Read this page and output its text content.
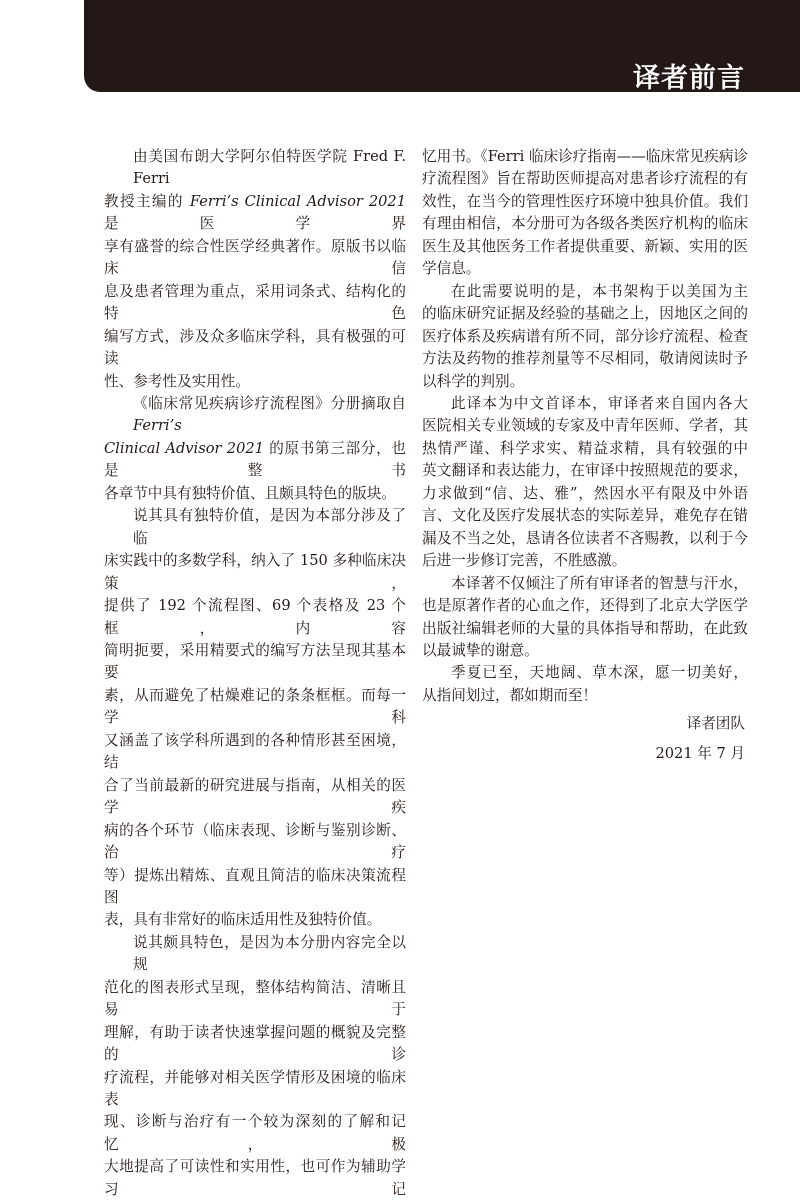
译者前言
由美国布朗大学阿尔伯特医学院 Fred F. Ferri
教授主编的 Ferri’s Clinical Advisor 2021 是医学界
享有盛誉的综合性医学经典著作。原版书以临床信
息及患者管理为重点，采用词条式、结构化的特色
编写方式，涉及众多临床学科，具有极强的可读
性、参考性及实用性。
《临床常见疾病诊疗流程图》分册摘取自 Ferri’s
Clinical Advisor 2021 的原书第三部分，也是整书
各章节中具有独特价值、且颇具特色的版块。
说其具有独特价值，是因为本部分涉及了临
床实践中的多数学科，纳入了 150 多种临床决策，
提供了 192 个流程图、69 个表格及 23 个框，内容
简明扼要，采用精要式的编写方法呈现其基本要
素，从而避免了枯燥难记的条条框框。而每一学科
又涵盖了该学科所遇到的各种情形甚至困境，结
合了当前最新的研究进展与指南，从相关的医学疾
病的各个环节（临床表现、诊断与鉴别诊断、治疗
等）提炼出精炼、直观且简洁的临床决策流程图
表，具有非常好的临床适用性及独特价值。
说其颇具特色，是因为本分册内容完全以规
范化的图表形式呈现，整体结构简洁、清晰且易于
理解，有助于读者快速掌握问题的概貌及完整的诊
疗流程，并能够对相关医学情形及困境的临床表
现、诊断与治疗有一个较为深刻的了解和记忆，极
大地提高了可读性和实用性，也可作为辅助学习记
忆用书。《Ferri 临床诊疗指南——临床常见疾病诊
疗流程图》旨在帮助医师提高对患者诊疗流程的有
效性，在当今的管理性医疗环境中独具价值。我们
有理由相信，本分册可为各级各类医疗机构的临床
医生及其他医务工作者提供重要、新颖、实用的医
学信息。
在此需要说明的是，本书架构于以美国为主
的临床研究证据及经验的基础之上，因地区之间的
医疗体系及疾病谱有所不同，部分诊疗流程、检查
方法及药物的推荐剂量等不尽相同，敬请阅读时予
以科学的判别。
此译本为中文首译本，审译者来自国内各大
医院相关专业领域的专家及中青年医师、学者，其
热情严谨、科学求实、精益求精，具有较强的中
英文翻译和表达能力，在审译中按照规范的要求，
力求做到“信、达、雅”，然因水平有限及中外语
言、文化及医疗发展状态的实际差异，难免存在错
漏及不当之处，恳请各位读者不吝赐教，以利于今
后进一步修订完善，不胜感激。
本译著不仅倾注了所有审译者的智慧与汗水，
也是原著作者的心血之作，还得到了北京大学医学
出版社编辑老师的大量的具体指导和帮助，在此致
以最诚挚的谢意。
季夏已至，天地阔、草木深，愿一切美好，
从指间划过，都如期而至！
译者团队
2021 年 7 月
